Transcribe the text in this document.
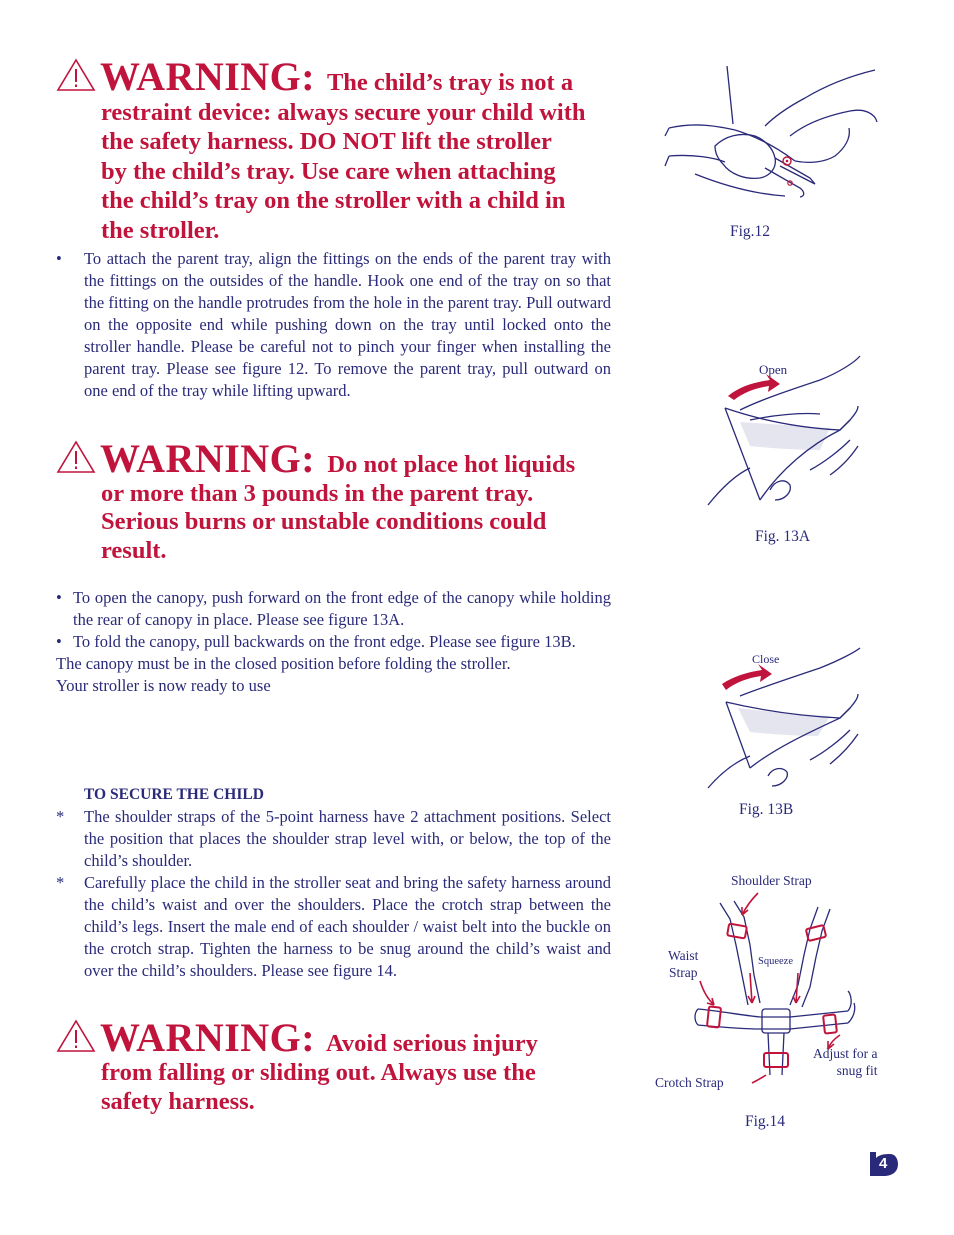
WARNING: The child’s tray is not a
restraint device: always secure your child with
the safety harness. DO NOT lift the stroller
by the child’s tray. Use care when attaching
the child’s tray on the stroller with a child in
the stroller.
•	To attach the parent tray, align the fittings on the ends of the parent tray with the fittings on the outsides of the handle. Hook one end of the tray on so that the fitting on the handle protrudes from the hole in the parent tray. Pull outward on the opposite end while pushing down on the tray until locked onto the stroller handle. Please be careful not to pinch your finger when installing the parent tray. Please see figure 12. To remove the parent tray, pull outward on one end of the tray while lifting upward.
WARNING: Do not place hot liquids
or more than 3 pounds in the parent tray.
Serious burns or unstable conditions could
result.
• To open the canopy, push forward on the front edge of the canopy while holding the rear of canopy in place. Please see figure 13A.
• To fold the canopy, pull backwards on the front edge. Please see figure 13B.
The canopy must be in the closed position before folding the stroller.
Your stroller is now ready to use
TO SECURE THE CHILD
* The shoulder straps of the 5-point harness have 2 attachment positions. Select the position that places the shoulder strap level with, or below, the top of the child’s shoulder.
* Carefully place the child in the stroller seat and bring the safety harness around the child’s waist and over the shoulders. Place the crotch strap between the child’s legs. Insert the male end of each shoulder / waist belt into the buckle on the crotch strap. Tighten the harness to be snug around the child’s waist and over the child’s shoulders. Please see figure 14.
WARNING: Avoid serious injury
from falling or sliding out. Always use the
safety harness.
Fig.12
Open
Fig. 13A
Close
Fig. 13B
Shoulder Strap
Waist
Strap
Squeeze
Adjust for a
snug fit
Crotch Strap
Fig.14
4
